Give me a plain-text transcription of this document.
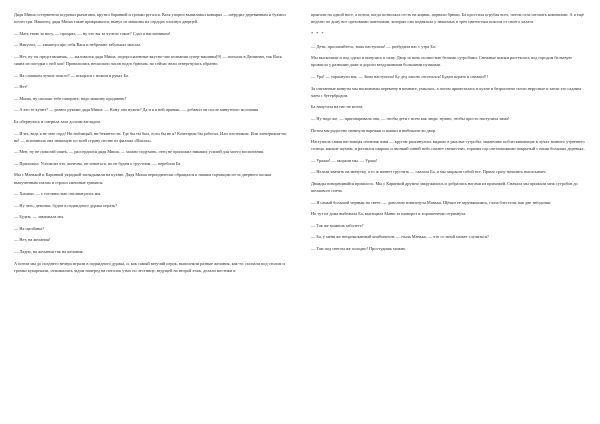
Дядя Миша остервенело шуровал рычагами, крутил баранкой и громко ругался. Вася упорно выпиливал ковырял — шёрудил деревянным и бухмил почти три. Наконец, дядя Миша такие прикрывался, вынул из машины их сердцах хлопнул дверцей.

— Мать твою за ногу, — прохрял, — ну что вы за чучело такое? Сдал я наглазником!

— Накупал, — хмыкнул про себя Вася и небрежно забулькал мысом.

— Нет, ну ты представляешь, — жаловался дядя Миша, подпросиленные вкусно-чие познания супер-машины[9] — поехали в Дюпинан, так Вася сияна из поездки с ней хоп! Провалились нескольно часов подго брюхом, но сейчас вели отвергнулась обратно.

— На слишком лучше пошло? — вскарлся с ножом в руках Ба.

— Нет!

— Миша, ну сколько тебе говорить: надо машину продавать?

— А кто ее купит? — развел руками дядя Миша. — Кому она нужна? Да и я к ней привык, — добавил он после минутного молчания

Ба обернулась и смерила зала долгим взглядом.

— И-их, ведь я не зато горд! Ни наблицый, ни бекинтости. Где бы ты был, если бы не я? Кочегаром бы работал. Или плотником. Или электриком-но, во! — вспомнила она знакомую по всей страну песню из фильма «Вокзал».

— Мне, ну не помогай опять, — рассердился дядя Миша, — можно подумать, отец не приложил никаких усилий для моего воспитания.

— Приложил. Успокоил что, конечно, не извиться, но не будем о грустном, — перебила Ба.

Мы с Манькой и Каринкой украдкой заглядывали на кухню. Дядя Миша периодически обращался к нашим торчащим из-за дверного косяка выпученным глазам и строил смешные гримасы.

— Хихики, — с готовностью откликнулись мы.

— Ну чего, девочки, будем в подкидного дурака играть?

— Будем, — завизжала мы.

— На щелбаны?

— Нет, на желания!

— Ладно, на желания так на желания.

А потом мы до позднего вечера играли в подкидного дурака, и, как самый везучий игрок, выполняли разные желания, как-то: ползали под столом и громко кукарекали, отжимались задом наперед на потолок утых по лестнице, ведущей на второй этаж, делали местики и

прыгали на одной ноге, а потом, когда позволяла сесть на ящики, порвали брюки. Ба простила огрубая всех, потом села штопать комнатами. А я ещё неделю по дому все ореховыми пантопами, которые она подвязала у знакомых в трёх цветистым поясом от своего халата.

* * *

— Дети, просыпайтесь, зима наступила! — разбудила нас с утра Ба.

Мы выскочили и под одеял и кинулись к окну. Двор за ночь полностью белыми сугробами. Снежные шапки растеклась под городом бельевую провисла у развалин даже и дороги вездушовыми большими пушками.

— Ура! — тарахнули мы. — Зима наступила! Бу дед лапоть отогнался! Будем играть в снежки!!!

За считанные минуты мы насвоиммы перемену в комнате, умылась, а потом примоталась в кухне и безропотно съели нерусные и заели это садним чаем с бутербродом.

Ба напутала на нас не могла.

— Ну надо же, — приговаривала она, — чтобы дети с всем как люди, нужно, чтобы просто наступила зима!

Потом мы радостно натянули варежки и шапки и выбежали во двор.

Наступила самая настоящая снежная зима — кругом раскинулись видимо в рыхлые сугробы, заманчиво поблескивающие в лучах зимнего утреннего солнца, мягкие шумом, и разлился широко и звонкий синий небо пахнет свежестью, горячих гор светлокожими покрытый с наши больших деревьях.

— Ураааа! — заорали мы. — Урааа!

— Нельзя хватить на минутку, а то ж начнет грустить — сказала Ба, и мы закрыли собой все. Прямо сразу начались высасывать.

Дважды поворачивайся пришлось. Мы с Каринкой дружно закружились и добрались ногами из прихожей. Сначала мы прижали меж сугробов до шелкового плеча.

— Я самый большой черным на свете, — довольно взвизгнула Манька. Щёчки ее зарумянились, глаза блестели, как две звёздочки.

Но тут из дома выбежала Ба, вытащила Маню за шиворот и хорошенечко отряхнула.

— Так же можешь заболеть?

— Ба, у меня же непромокаемый комбинезон, — ныла Манька, — что со мной может случиться?

— Там под снегом же холодно! Простудишь можно.
